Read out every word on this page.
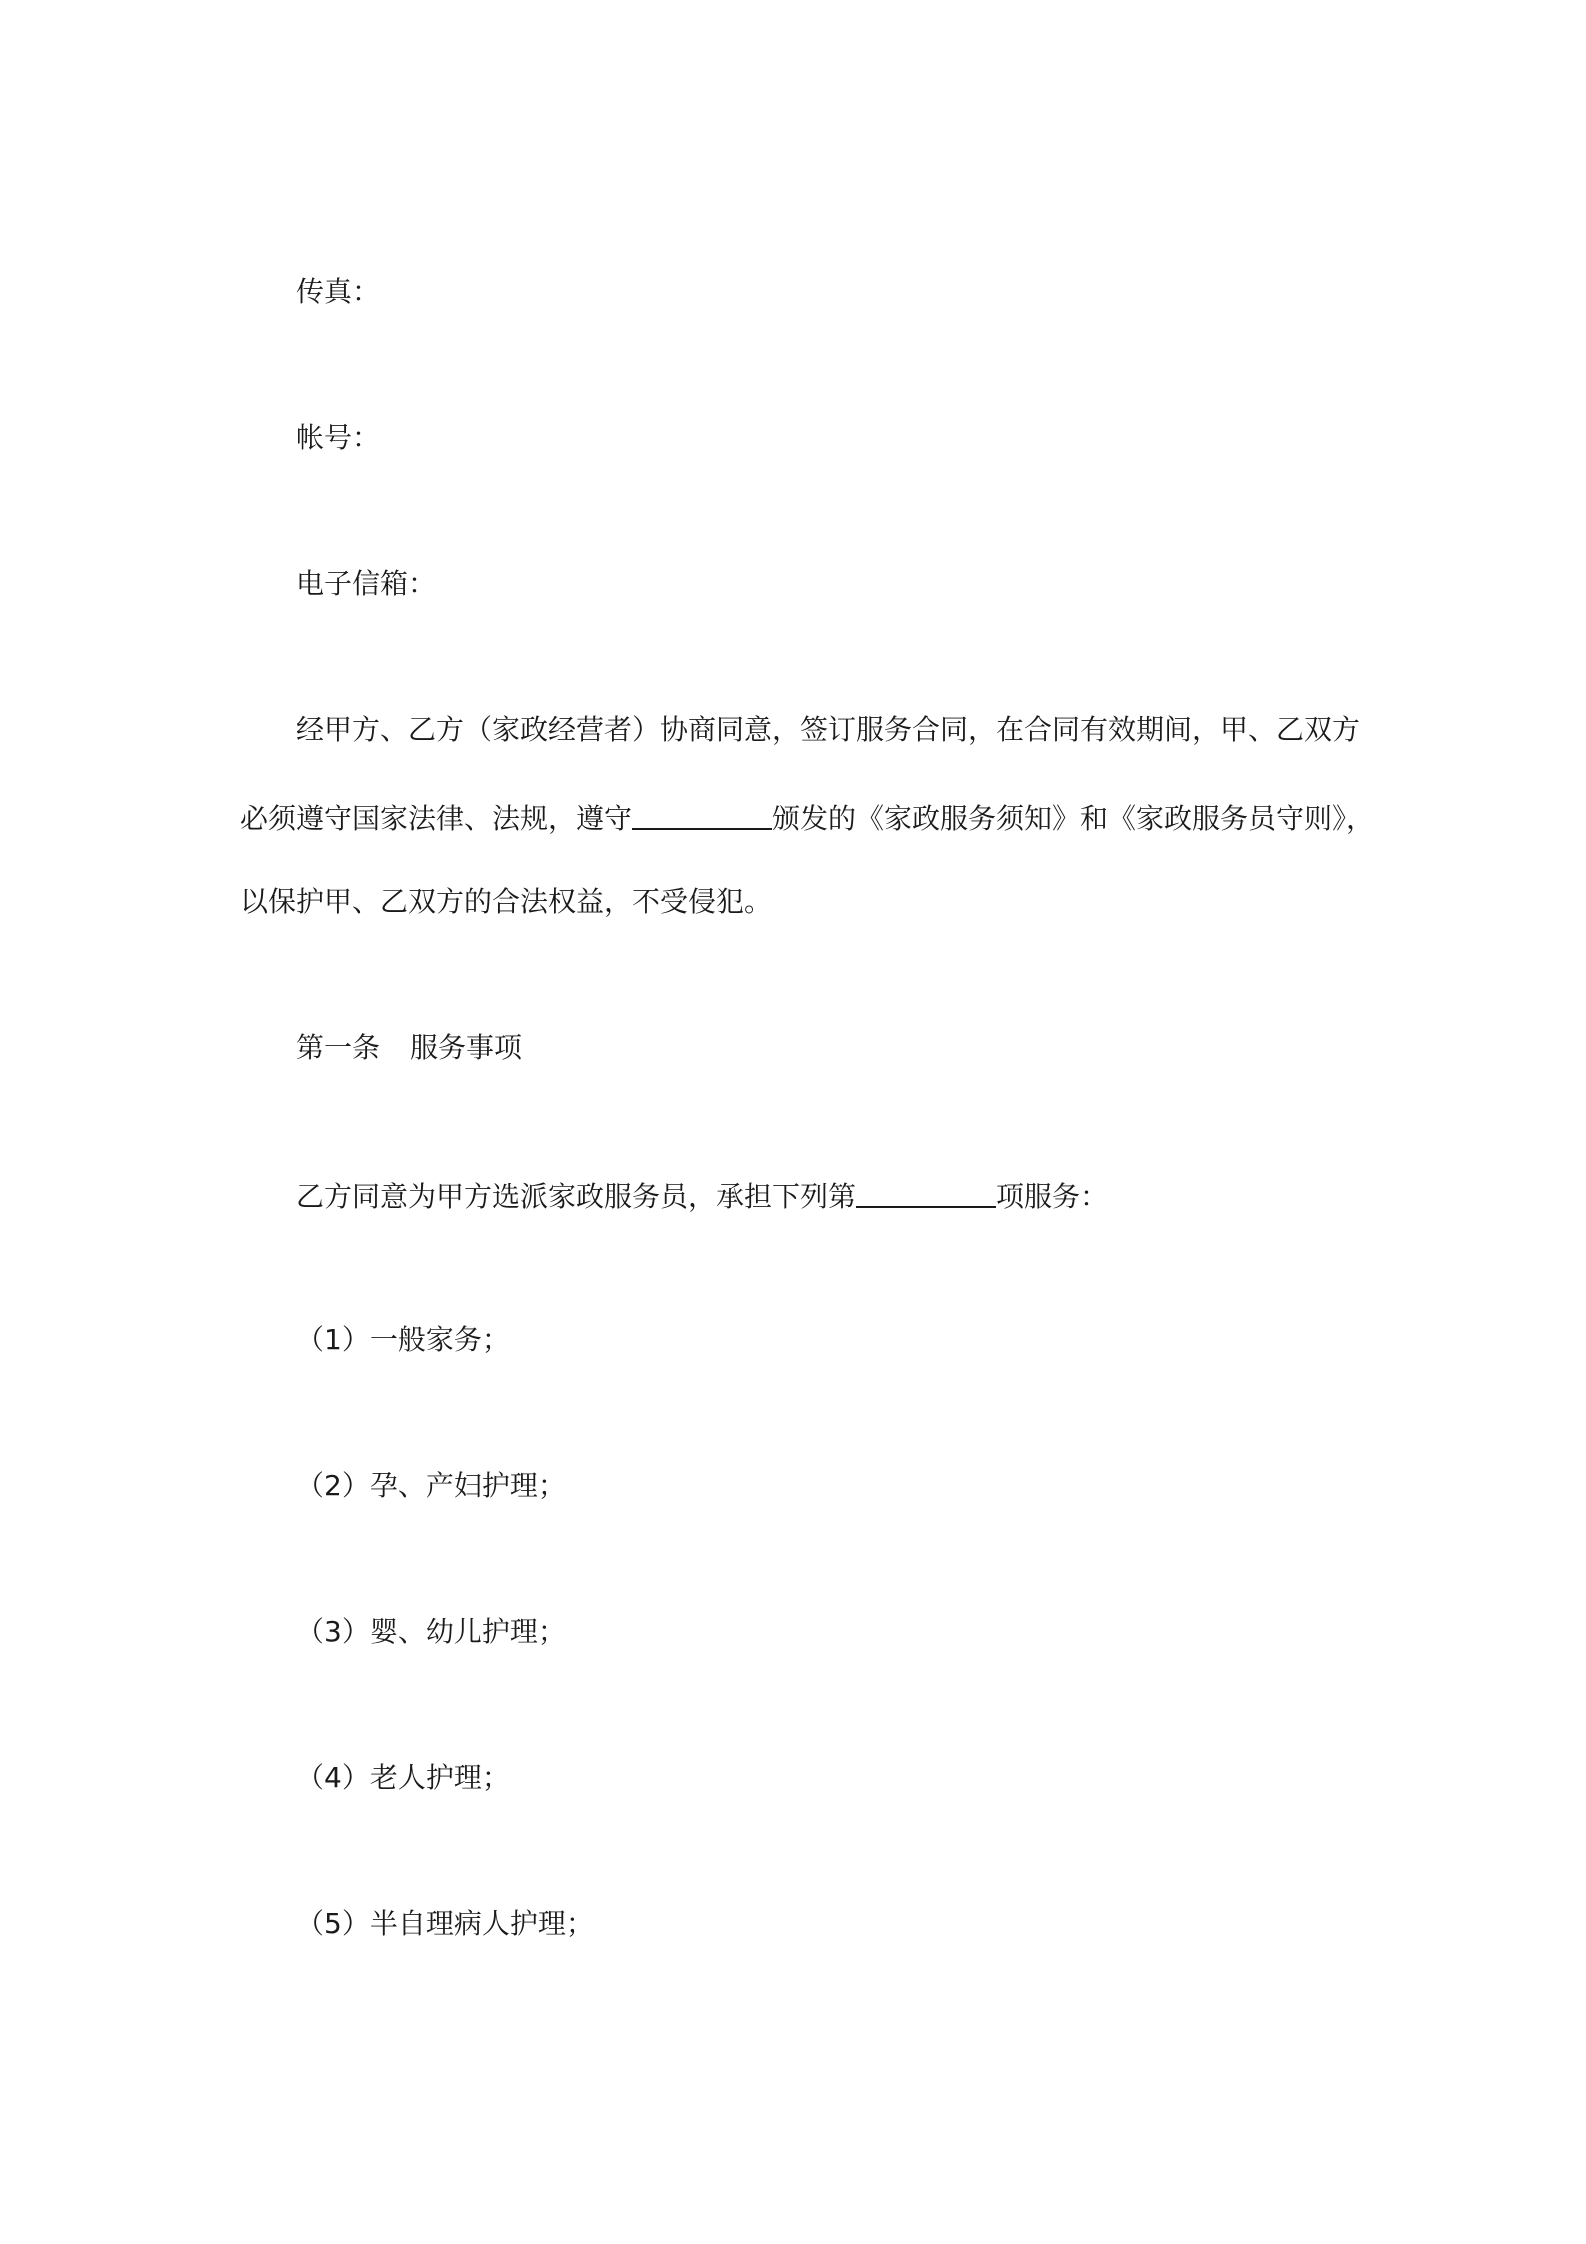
传真：
帐号：
电子信箱：
经甲方、乙方（家政经营者）协商同意，签订服务合同，在合同有效期间，甲、乙双方
必须遵守国家法律、法规，遵守	颁发的《家政服务须知》和《家政服务员守则》，
以保护甲、乙双方的合法权益，不受侵犯。
第一条 服务事项
乙方同意为甲方选派家政服务员，承担下列第	项服务：
（1）一般家务；
（2）孕、产妇护理；
（3）婴、幼儿护理；
（4）老人护理；
（5）半自理病人护理；
